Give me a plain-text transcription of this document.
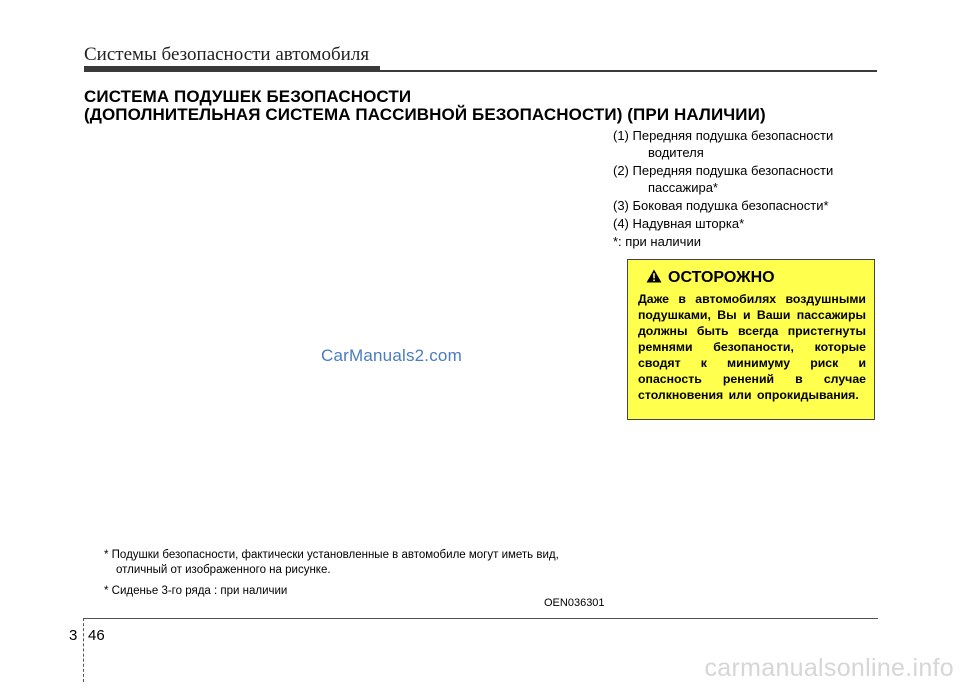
Системы безопасности автомобиля
СИСТЕМА ПОДУШЕК БЕЗОПАСНОСТИ
(ДОПОЛНИТЕЛЬНАЯ СИСТЕМА ПАССИВНОЙ БЕЗОПАСНОСТИ) (ПРИ НАЛИЧИИ)
(1) Передняя подушка безопасности
водителя
(2) Передняя подушка безопасности
пассажира*
(3) Боковая подушка безопасности*
(4) Надувная шторка*
*: при наличии
ОСТОРОЖНО
Даже в автомобилях воздушными подушками, Вы и Ваши пассажиры должны быть всегда пристегнуты ремнями безопаности, которые сводят к минимуму риск и опасность ренений в случае столкновения или опрокидывания.
CarManuals2.com
* Подушки безопасности, фактически установленные в автомобиле могут иметь вид,
отличный от изображенного на рисунке.
* Сиденье 3-го ряда : при наличии
OEN036301
3 46
carmanualsonline.info
